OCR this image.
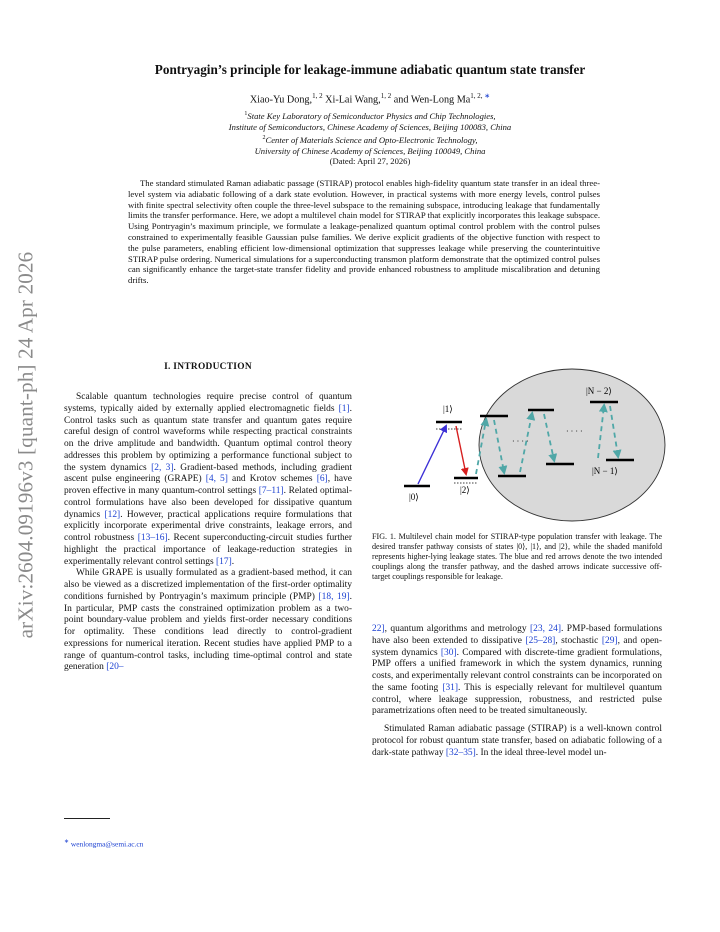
arXiv:2604.09196v3 [quant-ph] 24 Apr 2026
Pontryagin’s principle for leakage-immune adiabatic quantum state transfer
Xiao-Yu Dong,$^{1, 2}$ Xi-Lai Wang,$^{1, 2}$ and Wen-Long $Ma^{1, 2, ∗}$
$^1$State Key Laboratory of Semiconductor Physics and Chip Technologies,
Institute of Semiconductors, Chinese Academy of Sciences, Beijing 100083, China
$^2$Center of Materials Science and Opto-Electronic Technology,
University of Chinese Academy of Sciences, Beijing 100049, China
(Dated: April 27, 2026)
The standard stimulated Raman adiabatic passage (STIRAP) protocol enables high-fidelity quantum state transfer in an ideal three-level system via adiabatic following of a dark state evolution. However, in practical systems with more energy levels, control pulses with finite spectral selectivity often couple the three-level subspace to the remaining subspace, introducing leakage that fundamentally limits the transfer performance. Here, we adopt a multilevel chain model for STIRAP that explicitly incorporates this leakage subspace. Using Pontryagin’s maximum principle, we formulate a leakage-penalized quantum optimal control problem with the control pulses constrained to experimentally feasible Gaussian pulse families. We derive explicit gradients of the objective function with respect to the pulse parameters, enabling efficient low-dimensional optimization that suppresses leakage while preserving the counterintuitive STIRAP pulse ordering. Numerical simulations for a superconducting transmon platform demonstrate that the optimized control pulses can significantly enhance the target-state transfer fidelity and provide enhanced robustness to amplitude miscalibration and detuning drifts.
I. INTRODUCTION

Scalable quantum technologies require precise control of quantum systems, typically aided by externally applied electromagnetic fields [1]. Control tasks such as quantum state transfer and quantum gates require careful design of control waveforms while respecting practical constraints on the drive amplitude and bandwidth. Quantum optimal control theory addresses this problem by optimizing a performance functional subject to the system dynamics [2, 3]. Gradient-based methods, including gradient ascent pulse engineering (GRAPE) [4, 5] and Krotov schemes [6], have proven effective in many quantum-control settings [7–11]. Related optimal-control formulations have also been developed for dissipative quantum dynamics [12]. However, practical applications require formulations that explicitly incorporate experimental drive constraints, leakage errors, and control robustness [13–16]. Recent superconducting-circuit studies further highlight the practical importance of leakage-reduction strategies in experimentally relevant control settings [17].

While GRAPE is usually formulated as a gradient-based method, it can also be viewed as a discretized implementation of the first-order optimality conditions furnished by Pontryagin’s maximum principle (PMP) [18, 19]. In particular, PMP casts the constrained optimization problem as a two-point boundary-value problem and yields first-order necessary conditions for optimality. These conditions lead directly to control-gradient expressions for numerical iteration. Recent studies have applied PMP to a range of quantum-control tasks, including time-optimal control and state generation [20–

|0⟩
|1⟩
|2⟩
|N − 2⟩
|N − 1⟩
· · · ·
· · · ·
FIG. 1. Multilevel chain model for STIRAP-type population transfer with leakage. The desired transfer pathway consists of states |0⟩, |1⟩, and |2⟩, while the shaded manifold represents higher-lying leakage states. The blue and red arrows denote the two intended couplings along the transfer pathway, and the dashed arrows indicate successive off-target couplings responsible for leakage.

22], quantum algorithms and metrology [23, 24]. PMP-based formulations have also been extended to dissipative [25–28], stochastic [29], and open-system dynamics [30]. Compared with discrete-time gradient formulations, PMP offers a unified framework in which the system dynamics, running costs, and experimentally relevant control constraints can be incorporated on the same footing [31]. This is especially relevant for multilevel quantum control, where leakage suppression, robustness, and restricted pulse parametrizations often need to be treated simultaneously.

Stimulated Raman adiabatic passage (STIRAP) is a well-known control protocol for robust quantum state transfer, based on adiabatic following of a dark-state pathway [32–35]. In the ideal three-level model un-

∗ wenlongma@semi.ac.cn
